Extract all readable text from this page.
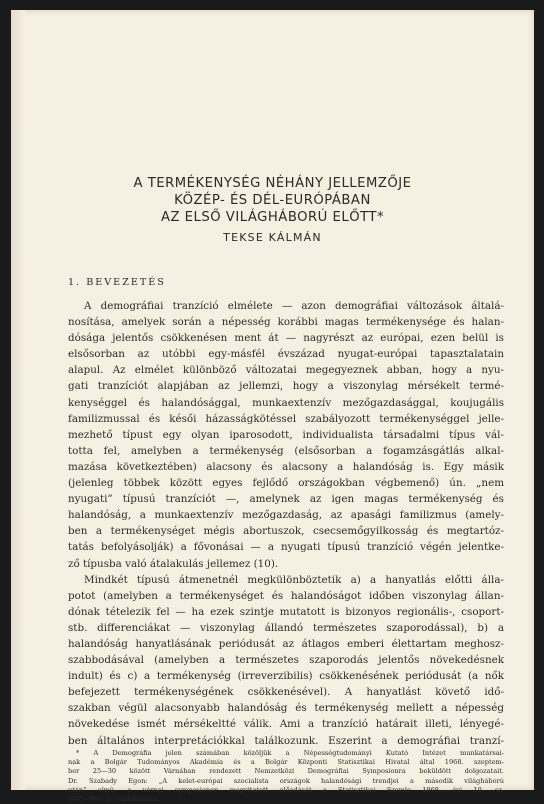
A TERMÉKENYSÉG NÉHÁNY JELLEMZŐJE
KÖZÉP- ÉS DÉL-EURÓPÁBAN
AZ ELSŐ VILÁGHÁBORÚ ELŐTT*
TEKSE KÁLMÁN
1. BEVEZETÉS
A demográfiai tranzíció elmélete — azon demográfiai változások általá-
nosítása, amelyek során a népesség korábbi magas termékenysége és halan-
dósága jelentős csökkenésen ment át — nagyrészt az európai, ezen belül is
elsősorban az utóbbi egy-másfél évszázad nyugat-európai tapasztalatain
alapul. Az elmélet különböző változatai megegyeznek abban, hogy a nyu-
gati tranzíciót alapjában az jellemzi, hogy a viszonylag mérsékelt termé-
kenységgel és halandósággal, munkaextenzív mezőgazdasággal, koujugális
familizmussal és késői házasságkötéssel szabályozott termékenységgel jelle-
mezhető típust egy olyan iparosodott, individualista társadalmi típus vál-
totta fel, amelyben a termékenység (elsősorban a fogamzásgátlás alkal-
mazása következtében) alacsony és alacsony a halandóság is. Egy másik
(jelenleg többek között egyes fejlődő országokban végbemenő) ún. „nem
nyugati” típusú tranzíciót —, amelynek az igen magas termékenység és
halandóság, a munkaextenzív mezőgazdaság, az apasági familizmus (amely-
ben a termékenységet mégis abortuszok, csecsemőgyilkosság és megtartóz-
tatás befolyásolják) a fővonásai — a nyugati típusú tranzíció végén jelentke-
ző típusba való átalakulás jellemez (10).
Mindkét típusú átmenetnél megkülönböztetik a) a hanyatlás előtti álla-
potot (amelyben a termékenységet és halandóságot időben viszonylag állan-
dónak tételezik fel — ha ezek szintje mutatott is bizonyos regionális-, csoport-
stb. differenciákat — viszonylag állandó természetes szaporodással), b) a
halandóság hanyatlásának periódusát az átlagos emberi élettartam meghosz-
szabbodásával (amelyben a természetes szaporodás jelentős növekedésnek
indult) és c) a termékenység (irreverzibilis) csökkenésének periódusát (a nők
befejezett termékenységének csökkenésével). A hanyatlást követő idő-
szakban végül alacsonyabb halandóság és termékenység mellett a népesség
növekedése ismét mérsékeltté válik. Ami a tranzíció határait illeti, lényegé-
ben általános interpretációkkal találkozunk. Eszerint a demográfiai tranzí-
* A Demográfia jelen számában közöljük a Népességtudományi Kutató Intézet munkatársai-
nak a Bolgár Tudományos Akadémia és a Bolgár Központi Statisztikai Hivatal által 1968. szeptem-
ber 25—30 között Várnában rendezett Nemzetközi Demográfiai Symposionra beküldött dolgozatait.
Dr. Szabady Egon: „A kelet-európai szocialista országok halandósági trendjei a második világháború
után” címû, a várnai symposionon megvitatott előadását a Statisztikai Szemle 1968. évi 10. sz.
(955—966. p.) tartalmazza.
